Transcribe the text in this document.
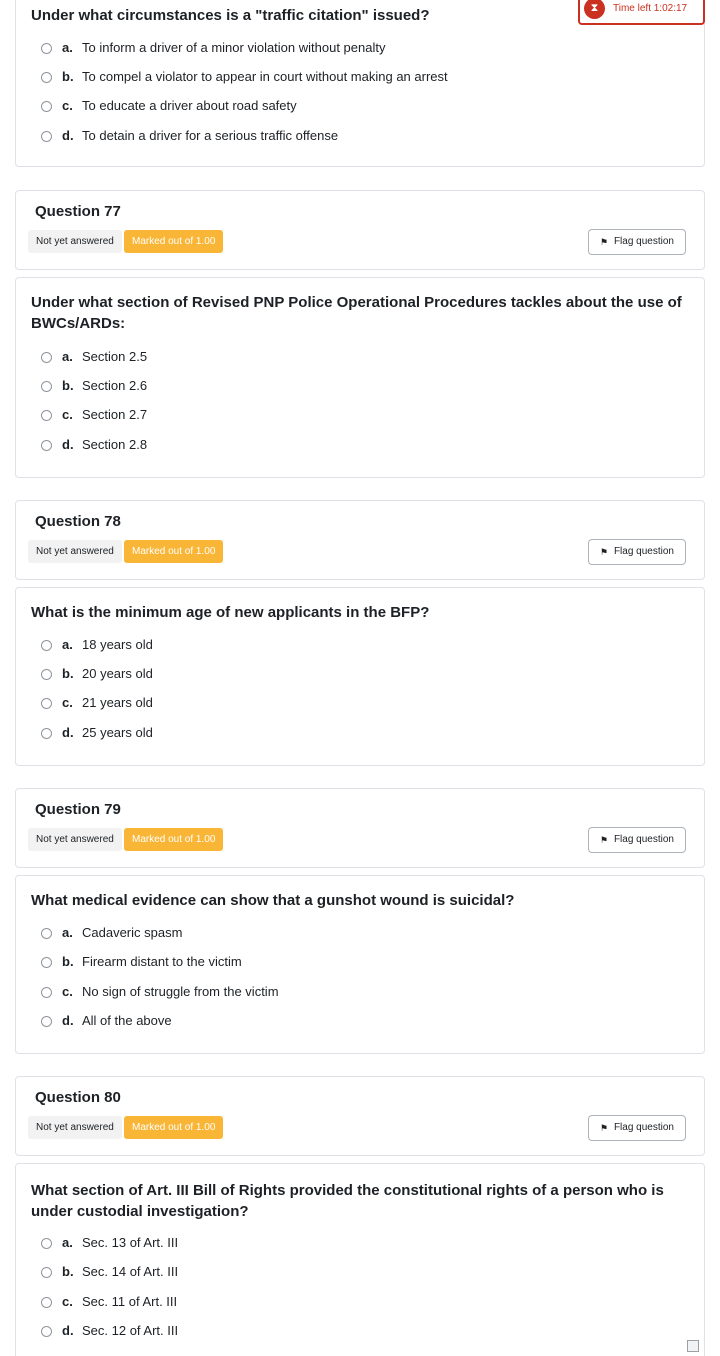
Under what circumstances is a "traffic citation" issued?
a. To inform a driver of a minor violation without penalty
b. To compel a violator to appear in court without making an arrest
c. To educate a driver about road safety
d. To detain a driver for a serious traffic offense
⧗	Time left 1:02:17
Question 77
Not yet answered	Marked out of 1.00	⚑ Flag question
Under what section of Revised PNP Police Operational Procedures tackles about the use of BWCs/ARDs:
a. Section 2.5
b. Section 2.6
c. Section 2.7
d. Section 2.8
Question 78
Not yet answered	Marked out of 1.00	⚑ Flag question
What is the minimum age of new applicants in the BFP?
a. 18 years old
b. 20 years old
c. 21 years old
d. 25 years old
Question 79
Not yet answered	Marked out of 1.00	⚑ Flag question
What medical evidence can show that a gunshot wound is suicidal?
a. Cadaveric spasm
b. Firearm distant to the victim
c. No sign of struggle from the victim
d. All of the above
Question 80
Not yet answered	Marked out of 1.00	⚑ Flag question
What section of Art. III Bill of Rights provided the constitutional rights of a person who is under custodial investigation?
a. Sec. 13 of Art. III
b. Sec. 14 of Art. III
c. Sec. 11 of Art. III
d. Sec. 12 of Art. III
